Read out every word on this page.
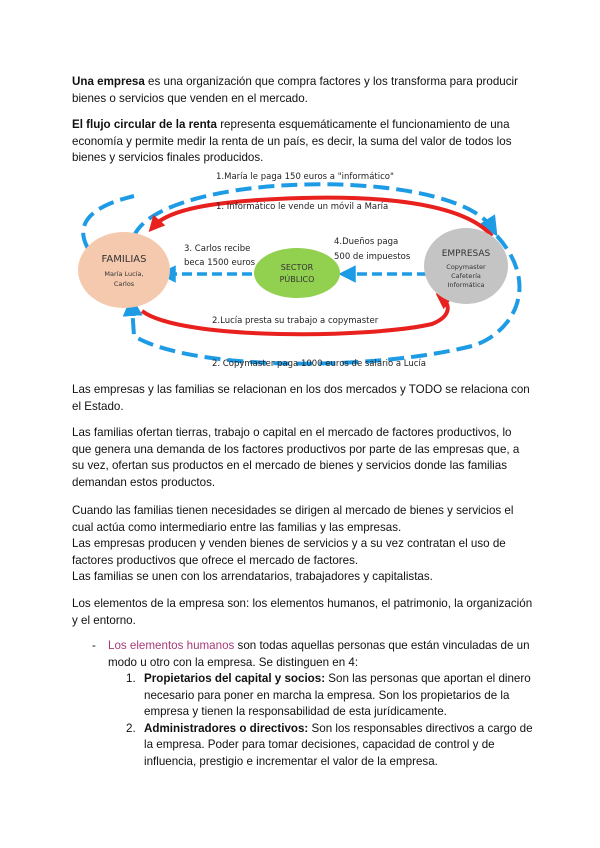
Una empresa es una organización que compra factores y los transforma para producir bienes o servicios que venden en el mercado.

El flujo circular de la renta representa esquemáticamente el funcionamiento de una economía y permite medir la renta de un país, es decir, la suma del valor de todos los bienes y servicios finales producidos.

1.María le paga 150 euros a "informático"
1. Informático le vende un móvil a María
2.Lucía presta su trabajo a copymaster
2. Copymaster paga 1000 euros de salario a Lucía
FAMILIAS
María Lucía,
Carlos
EMPRESAS
Copymaster
Cafetería
Informática
SECTOR
PÚBLICO
3. Carlos recibe
beca 1500 euros
4.Dueños paga
500 de impuestos

Las empresas y las familias se relacionan en los dos mercados y TODO se relaciona con el Estado.

Las familias ofertan tierras, trabajo o capital en el mercado de factores productivos, lo que genera una demanda de los factores productivos por parte de las empresas que, a su vez, ofertan sus productos en el mercado de bienes y servicios donde las familias demandan estos productos.

Cuando las familias tienen necesidades se dirigen al mercado de bienes y servicios el cual actúa como intermediario entre las familias y las empresas.

Las empresas producen y venden bienes de servicios y a su vez contratan el uso de factores productivos que ofrece el mercado de factores.

Las familias se unen con los arrendatarios, trabajadores y capitalistas.

Los elementos de la empresa son: los elementos humanos, el patrimonio, la organización y el entorno.

- Los elementos humanos son todas aquellas personas que están vinculadas de un modo u otro con la empresa. Se distinguen en 4:
1. Propietarios del capital y socios: Son las personas que aportan el dinero necesario para poner en marcha la empresa. Son los propietarios de la empresa y tienen la responsabilidad de esta jurídicamente.
2. Administradores o directivos: Son los responsables directivos a cargo de la empresa. Poder para tomar decisiones, capacidad de control y de influencia, prestigio e incrementar el valor de la empresa.
